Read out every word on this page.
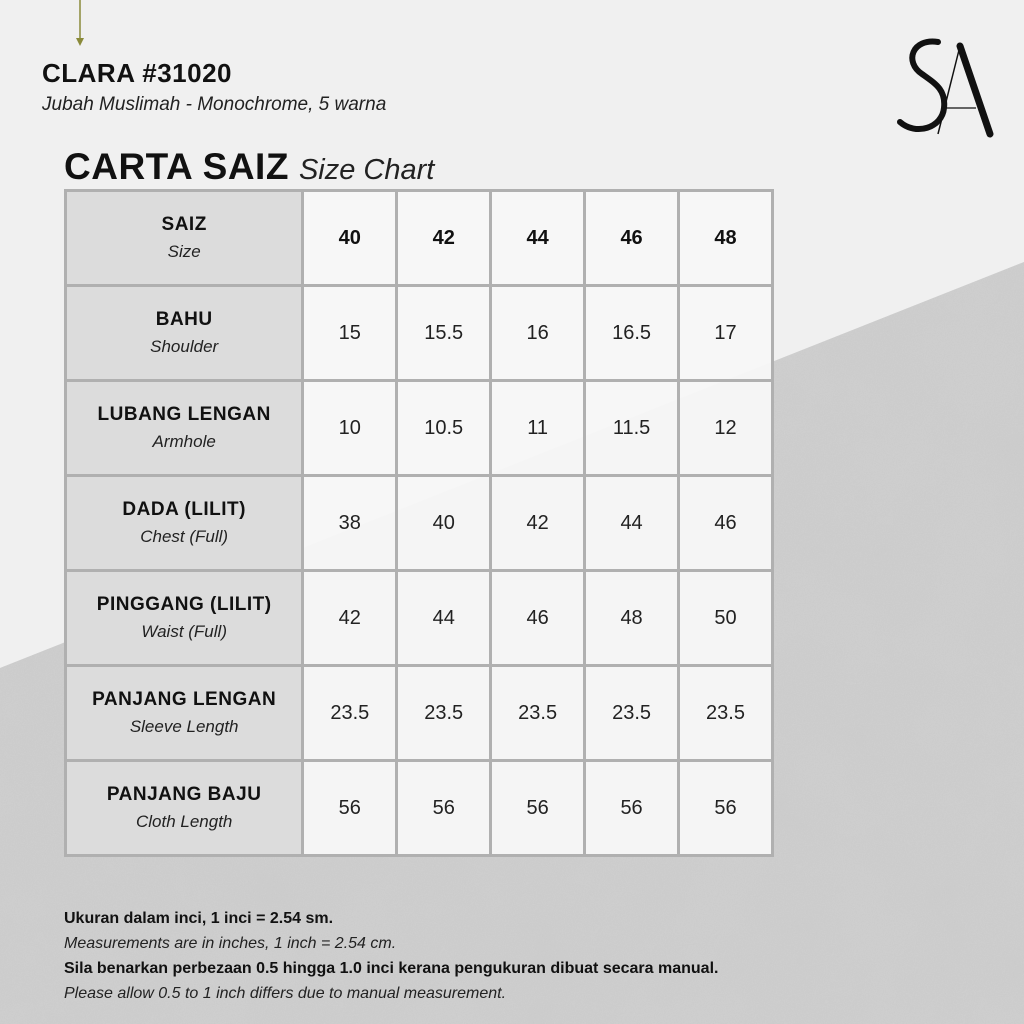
CLARA #31020
Jubah Muslimah - Monochrome, 5 warna
CARTA SAIZ Size Chart
SAIZ
Size	40	42	44	46	48

BAHU
Shoulder	15	15.5	16	16.5	17

LUBANG LENGAN
Armhole	10	10.5	11	11.5	12

DADA (LILIT)
Chest (Full)	38	40	42	44	46

PINGGANG (LILIT)
Waist (Full)	42	44	46	48	50

PANJANG LENGAN
Sleeve Length	23.5	23.5	23.5	23.5	23.5

PANJANG BAJU
Cloth Length	56	56	56	56	56
Ukuran dalam inci, 1 inci = 2.54 sm.
Measurements are in inches, 1 inch = 2.54 cm.
Sila benarkan perbezaan 0.5 hingga 1.0 inci kerana pengukuran dibuat secara manual.
Please allow 0.5 to 1 inch differs due to manual measurement.
